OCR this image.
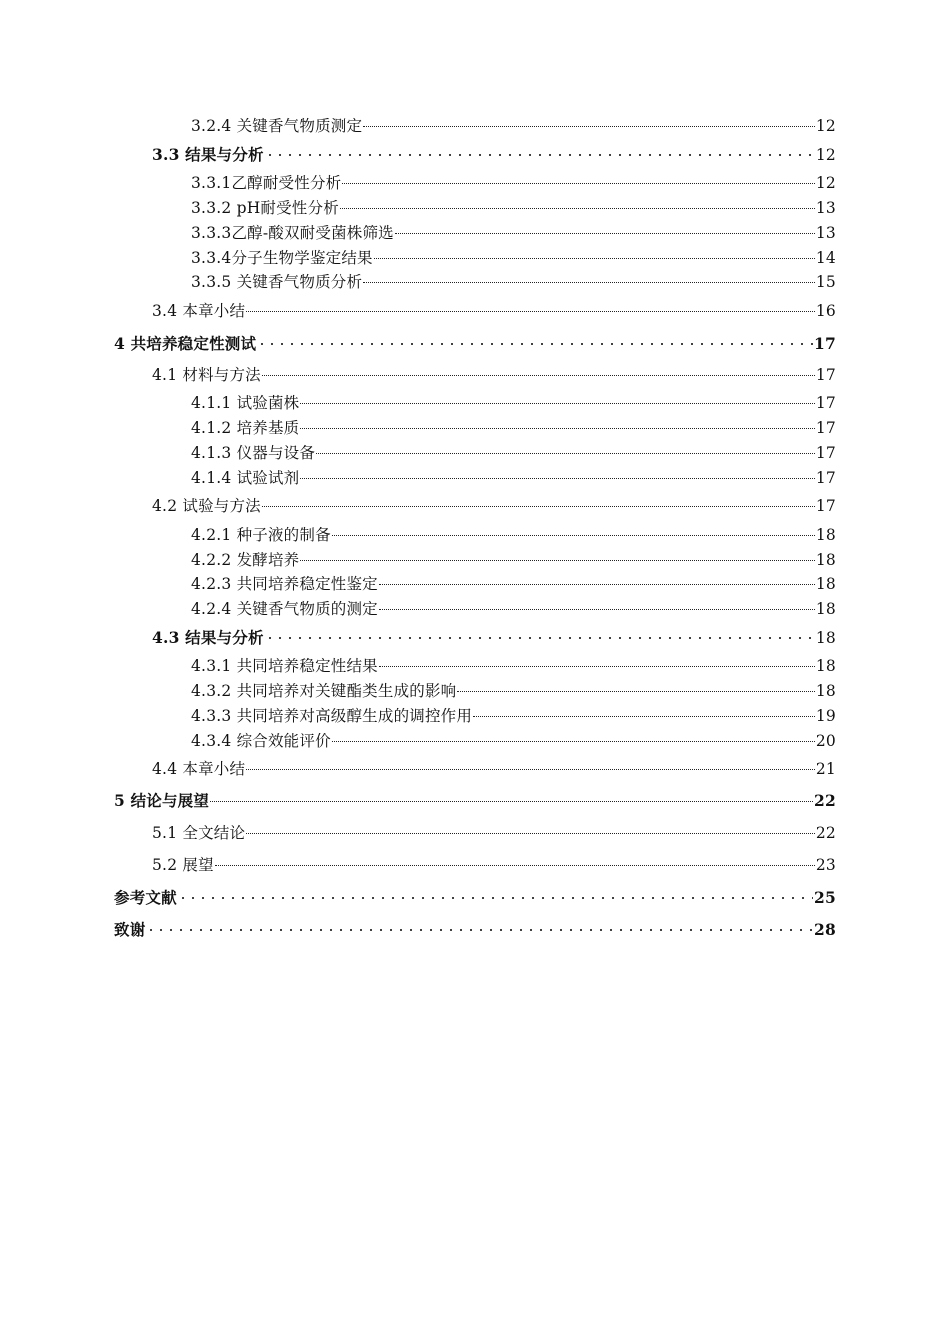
3.2.4 关键香气物质测定	12
3.3 结果与分析	12
3.3.1乙醇耐受性分析	12
3.3.2 pH耐受性分析	13
3.3.3乙醇-酸双耐受菌株筛选	13
3.3.4分子生物学鉴定结果	14
3.3.5 关键香气物质分析	15
3.4 本章小结	16
4 共培养稳定性测试	17
4.1 材料与方法	17
4.1.1 试验菌株	17
4.1.2 培养基质	17
4.1.3 仪器与设备	17
4.1.4 试验试剂	17
4.2 试验与方法	17
4.2.1 种子液的制备	18
4.2.2 发酵培养	18
4.2.3 共同培养稳定性鉴定	18
4.2.4 关键香气物质的测定	18
4.3 结果与分析	18
4.3.1 共同培养稳定性结果	18
4.3.2 共同培养对关键酯类生成的影响	18
4.3.3 共同培养对高级醇生成的调控作用	19
4.3.4 综合效能评价	20
4.4 本章小结	21
5 结论与展望	22
5.1 全文结论	22
5.2 展望	23
参考文献	25
致谢	28
